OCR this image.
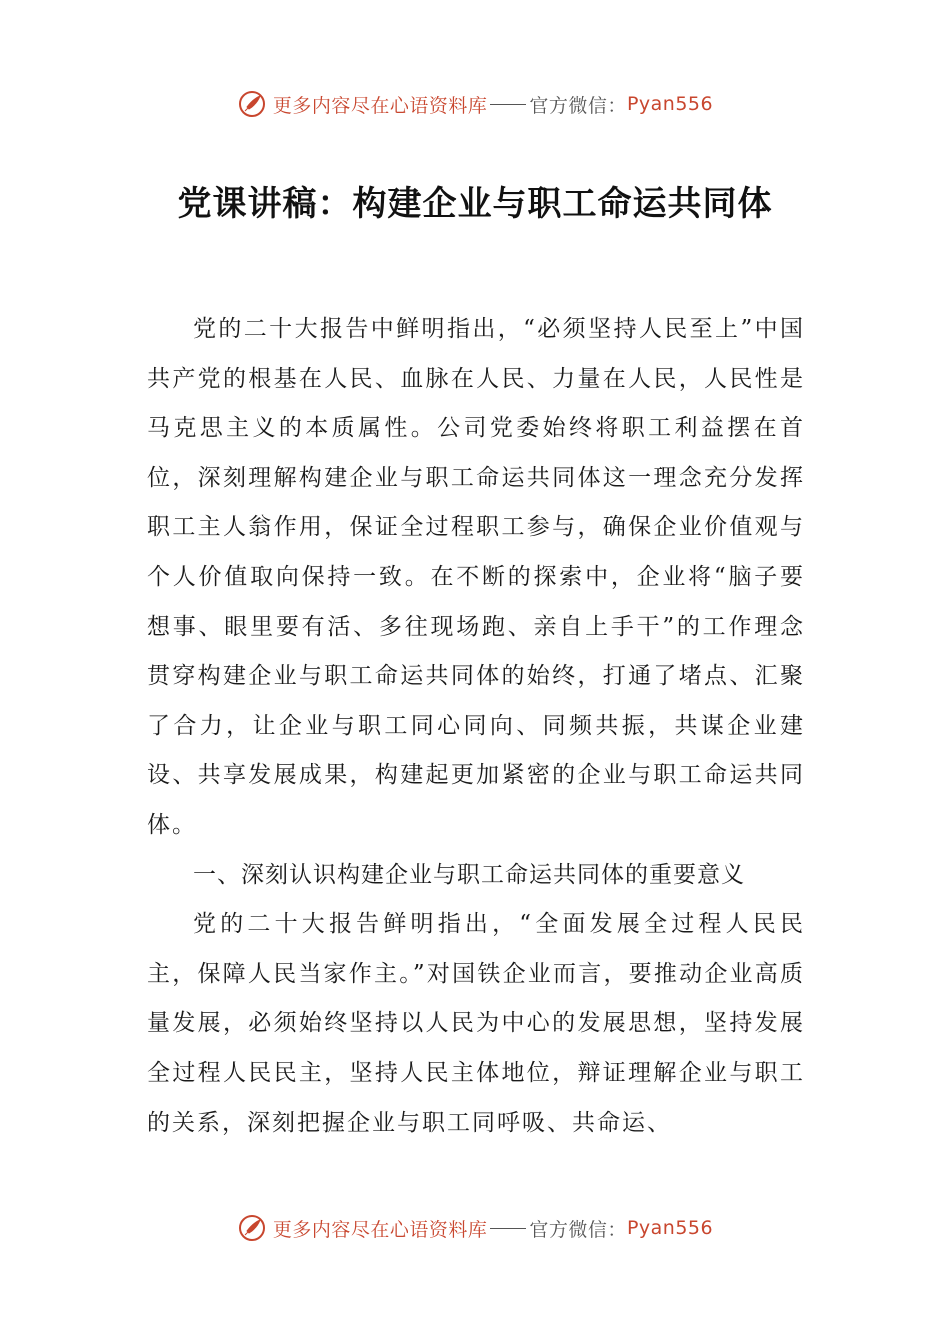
更多内容尽在心语资料库 官方微信： Pyan556
党课讲稿：构建企业与职工命运共同体

党的二十大报告中鲜明指出，“必须坚持人民至上”中国共产党的根基在人民、血脉在人民、力量在人民，人民性是马克思主义的本质属性。公司党委始终将职工利益摆在首位，深刻理解构建企业与职工命运共同体这一理念充分发挥职工主人翁作用，保证全过程职工参与，确保企业价值观与个人价值取向保持一致。在不断的探索中，企业将“脑子要想事、眼里要有活、多往现场跑、亲自上手干”的工作理念贯穿构建企业与职工命运共同体的始终，打通了堵点、汇聚了合力，让企业与职工同心同向、同频共振，共谋企业建设、共享发展成果，构建起更加紧密的企业与职工命运共同体。

一、深刻认识构建企业与职工命运共同体的重要意义

党的二十大报告鲜明指出，“全面发展全过程人民民主，保障人民当家作主。”对国铁企业而言，要推动企业高质量发展，必须始终坚持以人民为中心的发展思想，坚持发展全过程人民民主，坚持人民主体地位，辩证理解企业与职工的关系，深刻把握企业与职工同呼吸、共命运、

更多内容尽在心语资料库 官方微信： Pyan556
